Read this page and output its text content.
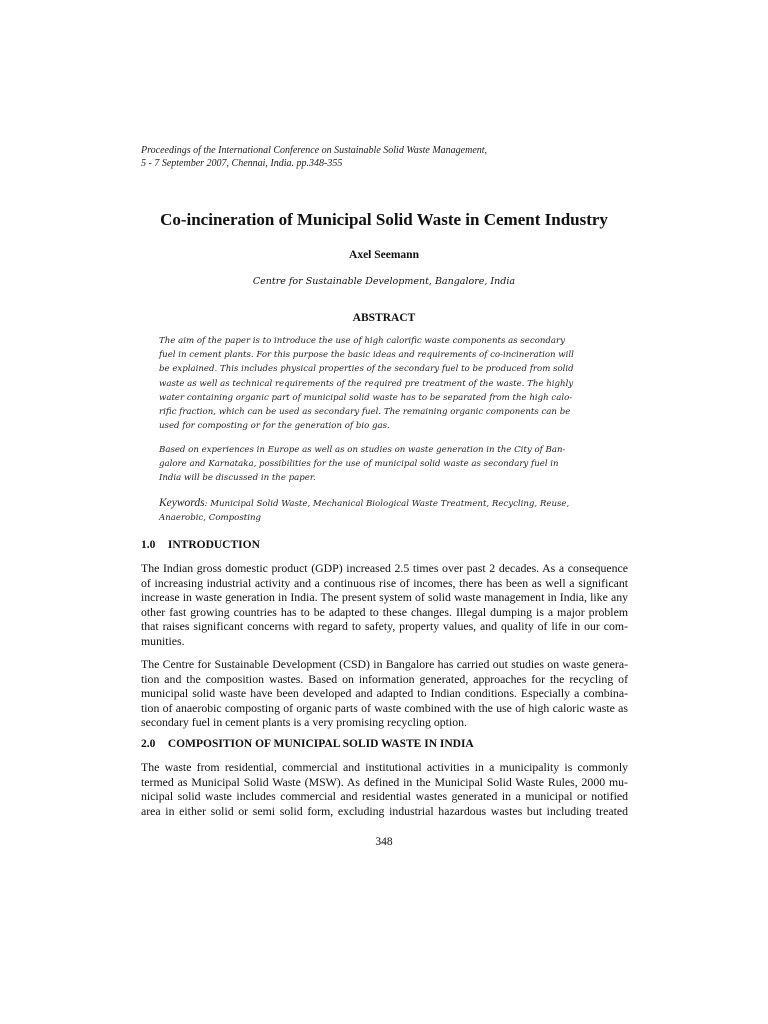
Proceedings of the International Conference on Sustainable Solid Waste Management,
5 - 7 September 2007, Chennai, India. pp.348-355
Co-incineration of Municipal Solid Waste in Cement Industry
Axel Seemann
Centre for Sustainable Development, Bangalore, India
ABSTRACT
The aim of the paper is to introduce the use of high calorific waste components as secondary
fuel in cement plants. For this purpose the basic ideas and requirements of co-incineration will
be explained. This includes physical properties of the secondary fuel to be produced from solid
waste as well as technical requirements of the required pre treatment of the waste. The highly
water containing organic part of municipal solid waste has to be separated from the high calo-
rific fraction, which can be used as secondary fuel. The remaining organic components can be
used for composting or for the generation of bio gas.
Based on experiences in Europe as well as on studies on waste generation in the City of Ban-
galore and Karnataka, possibilities for the use of municipal solid waste as secondary fuel in
India will be discussed in the paper.
Keywords: Municipal Solid Waste, Mechanical Biological Waste Treatment, Recycling, Reuse,
Anaerobic, Composting
1.0 INTRODUCTION
The Indian gross domestic product (GDP) increased 2.5 times over past 2 decades. As a consequence
of increasing industrial activity and a continuous rise of incomes, there has been as well a significant
increase in waste generation in India. The present system of solid waste management in India, like any
other fast growing countries has to be adapted to these changes. Illegal dumping is a major problem
that raises significant concerns with regard to safety, property values, and quality of life in our com-
munities.
The Centre for Sustainable Development (CSD) in Bangalore has carried out studies on waste genera-
tion and the composition wastes. Based on information generated, approaches for the recycling of
municipal solid waste have been developed and adapted to Indian conditions. Especially a combina-
tion of anaerobic composting of organic parts of waste combined with the use of high caloric waste as
secondary fuel in cement plants is a very promising recycling option.
2.0 COMPOSITION OF MUNICIPAL SOLID WASTE IN INDIA
The waste from residential, commercial and institutional activities in a municipality is commonly
termed as Municipal Solid Waste (MSW). As defined in the Municipal Solid Waste Rules, 2000 mu-
nicipal solid waste includes commercial and residential wastes generated in a municipal or notified
area in either solid or semi solid form, excluding industrial hazardous wastes but including treated
348
